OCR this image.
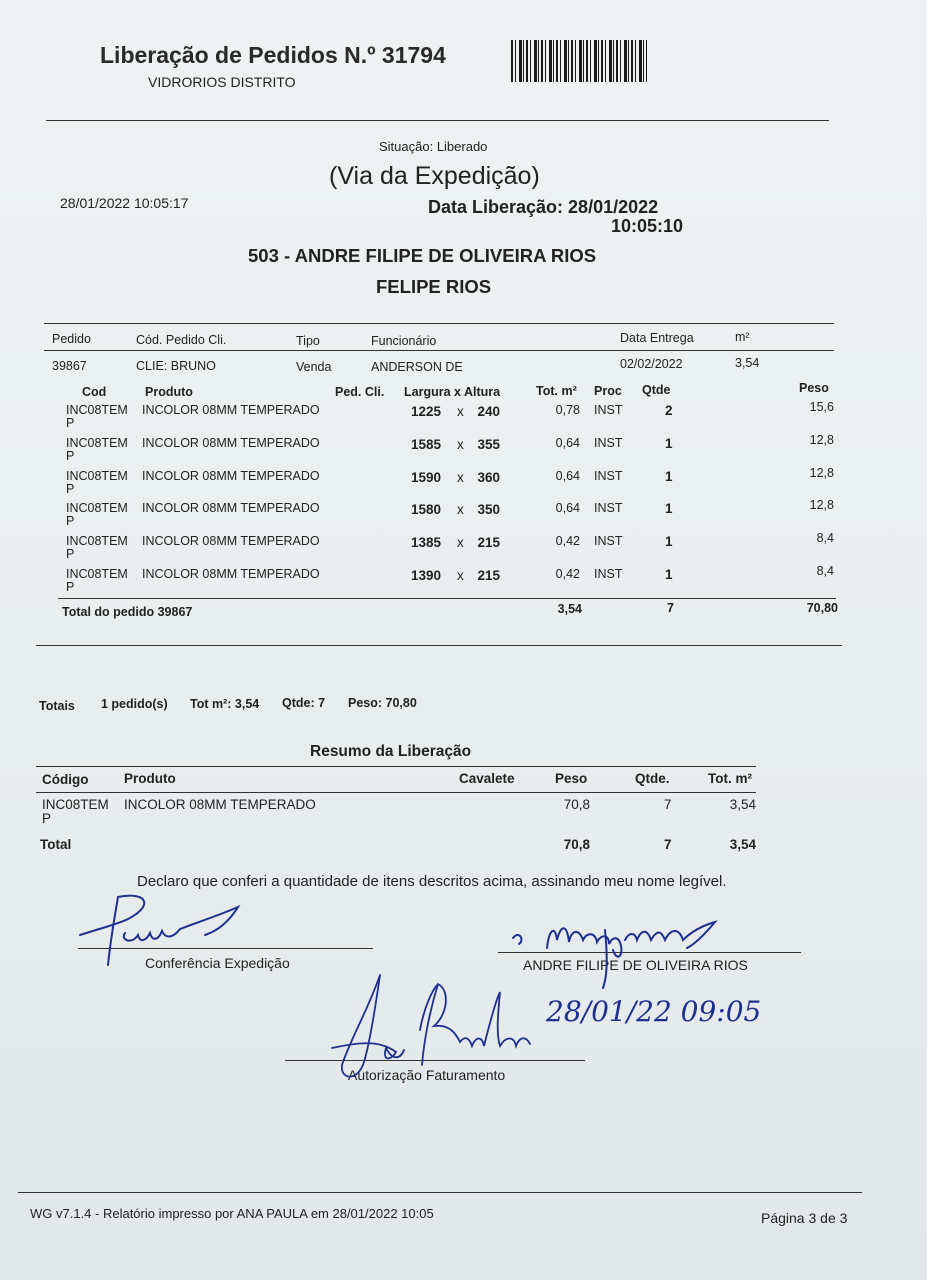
Liberação de Pedidos N.º 31794
VIDRORIOS DISTRITO
Situação: Liberado
(Via da Expedição)
28/01/2022 10:05:17	Data Liberação: 28/01/2022
10:05:10
503 - ANDRE FILIPE DE OLIVEIRA RIOS
FELIPE RIOS
Pedido	Cód. Pedido Cli.	Tipo	Funcionário	Data Entrega	m²
39867	CLIE: BRUNO	Venda	ANDERSON DE	02/02/2022	3,54
Cod	Produto	Ped. Cli. Largura x Altura	Tot. m² Proc Qtde	Peso
INC08TEM
P
INCOLOR 08MM TEMPERADO	1225 x	240	0,78 INST	2	15,6
INC08TEM
P
INCOLOR 08MM TEMPERADO	1585 x	355	0,64 INST	1	12,8
INC08TEM
P
INCOLOR 08MM TEMPERADO	1590 x	360	0,64 INST	1	12,8
INC08TEM
P
INCOLOR 08MM TEMPERADO	1580 x	350	0,64 INST	1	12,8
INC08TEM
P
INCOLOR 08MM TEMPERADO	1385 x	215	0,42 INST	1	8,4
INC08TEM
P
INCOLOR 08MM TEMPERADO	1390 x	215	0,42 INST	1	8,4
Total do pedido 39867	3,54	7	70,80
Totais 1 pedido(s) Tot m²: 3,54 Qtde: 7 Peso: 70,80
Resumo da Liberação
Código	Produto	Cavalete	Peso	Qtde.	Tot. m²
INC08TEM
P
INCOLOR 08MM TEMPERADO	70,8	7	3,54
Total	70,8	7	3,54
Declaro que conferi a quantidade de itens descritos acima, assinando meu nome legível.
Conferência Expedição	ANDRE FILIPE DE OLIVEIRA RIOS
Autorização Faturamento
28/01/22 09:05
WG v7.1.4 - Relatório impresso por ANA PAULA em 28/01/2022 10:05	Página 3 de 3
